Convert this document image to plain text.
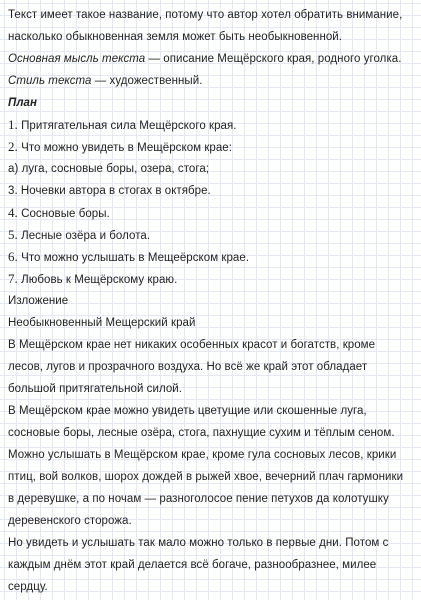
Текст имеет такое название, потому что автор хотел обратить внимание,
насколько обыкновенная земля может быть необыкновенной.
Основная мысль текста — описание Мещёрского края, родного уголка.
Стиль текста — художественный.
План
1. Притягательная сила Мещёрского края.
2. Что можно увидеть в Мещёрском крае:
а) луга, сосновые боры, озера, стога;
3. Ночевки автора в стогах в октябре.
4. Сосновые боры.
5. Лесные озёра и болота.
6. Что можно услышать в Мещеёрском крае.
7. Любовь к Мещёрскому краю.
Изложение
Необыкновенный Мещерский край
В Мещёрском крае нет никаких особенных красот и богатств, кроме
лесов, лугов и прозрачного воздуха. Но всё же край этот обладает
большой притягательной силой.
В Мещёрском крае можно увидеть цветущие или скошенные луга,
сосновые боры, лесные озёра, стога, пахнущие сухим и тёплым сеном.
Можно услышать в Мещёрском крае, кроме гула сосновых лесов, крики
птиц, вой волков, шорох дождей в рыжей хвое, вечерний плач гармоники
в деревушке, а по ночам — разноголосое пение петухов да колотушку
деревенского сторожа.
Но увидеть и услышать так мало можно только в первые дни. Потом с
каждым днём этот край делается всё богаче, разнообразнее, милее
сердцу.
